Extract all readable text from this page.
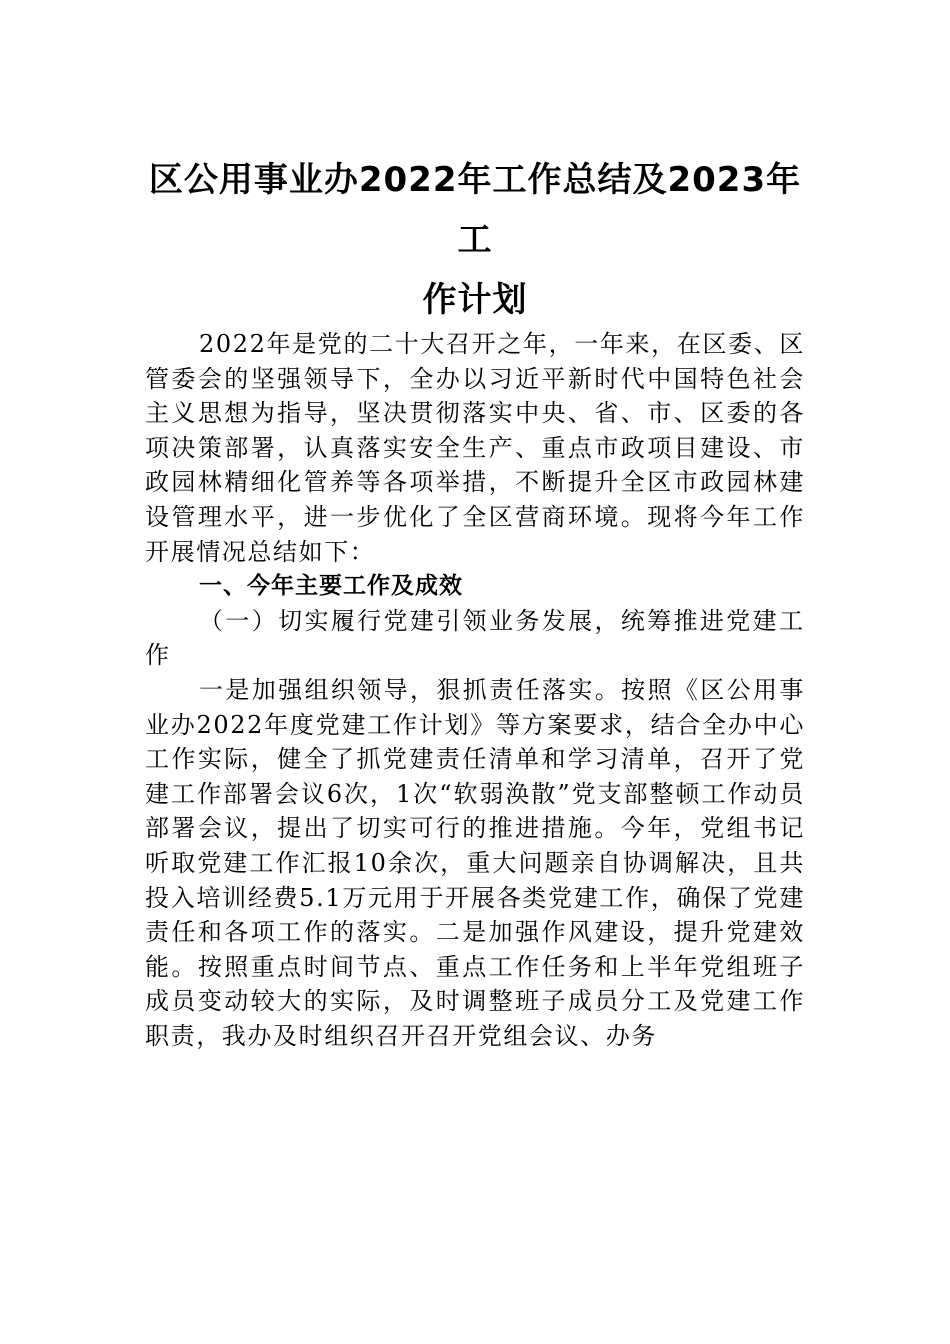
区公用事业办2022年工作总结及2023年工
作计划

2022年是党的二十大召开之年，一年来，在区委、区管委会的坚强领导下，全办以习近平新时代中国特色社会主义思想为指导，坚决贯彻落实中央、省、市、区委的各项决策部署，认真落实安全生产、重点市政项目建设、市政园林精细化管养等各项举措，不断提升全区市政园林建设管理水平，进一步优化了全区营商环境。现将今年工作开展情况总结如下：

一、今年主要工作及成效

（一）切实履行党建引领业务发展，统筹推进党建工作

一是加强组织领导，狠抓责任落实。按照《区公用事业办2022年度党建工作计划》等方案要求，结合全办中心工作实际，健全了抓党建责任清单和学习清单，召开了党建工作部署会议6次，1次“软弱涣散”党支部整顿工作动员部署会议，提出了切实可行的推进措施。今年，党组书记听取党建工作汇报10余次，重大问题亲自协调解决，且共投入培训经费5.1万元用于开展各类党建工作，确保了党建责任和各项工作的落实。二是加强作风建设，提升党建效能。按照重点时间节点、重点工作任务和上半年党组班子成员变动较大的实际，及时调整班子成员分工及党建工作职责，我办及时组织召开召开党组会议、办务
